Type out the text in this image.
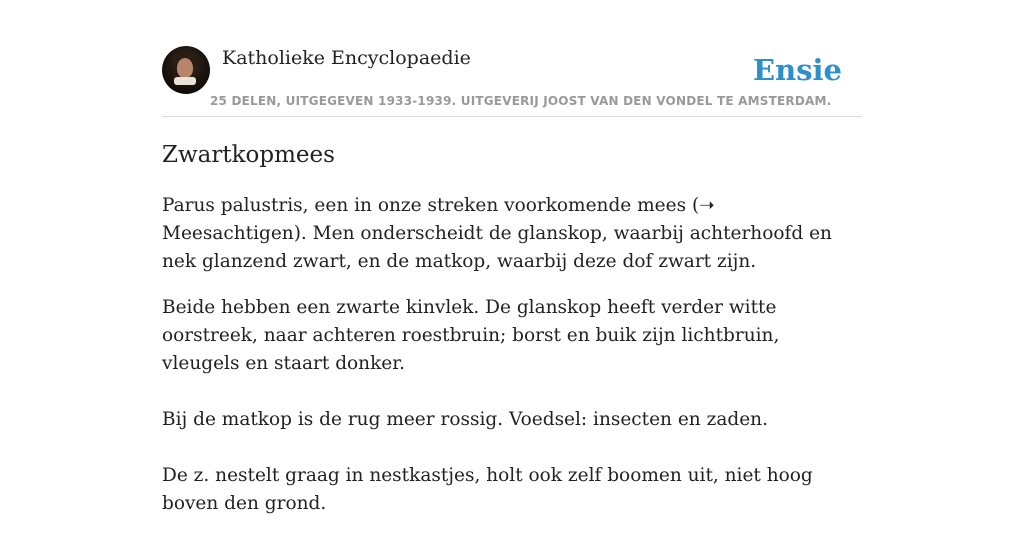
Katholieke Encyclopaedie
25 DELEN, UITGEGEVEN 1933-1939. UITGEVERIJ JOOST VAN DEN VONDEL TE AMSTERDAM.
Ensie
Zwartkopmees

Parus palustris, een in onze streken voorkomende mees (➝ Meesachtigen). Men onderscheidt de glanskop, waarbij achterhoofd en nek glanzend zwart, en de matkop, waarbij deze dof zwart zijn.

Beide hebben een zwarte kinvlek. De glanskop heeft verder witte oorstreek, naar achteren roestbruin; borst en buik zijn lichtbruin, vleugels en staart donker.

Bij de matkop is de rug meer rossig. Voedsel: insecten en zaden.

De z. nestelt graag in nestkastjes, holt ook zelf boomen uit, niet hoog boven den grond.
